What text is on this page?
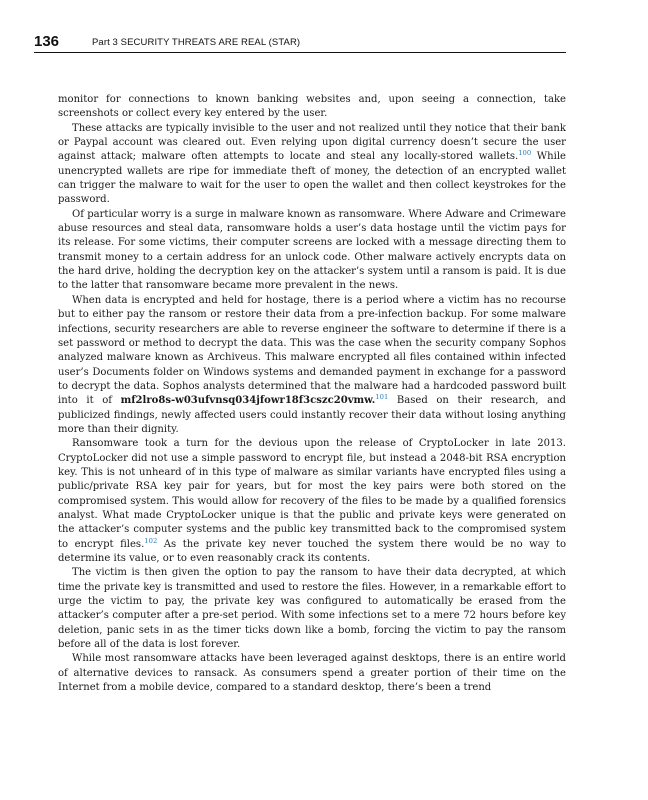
136	Part 3 SECURITY THREATS ARE REAL (STAR)

monitor for connections to known banking websites and, upon seeing a connection, take screenshots or collect every key entered by the user.

These attacks are typically invisible to the user and not realized until they notice that their bank or Paypal account was cleared out. Even relying upon digital currency doesn’t secure the user against attack; malware often attempts to locate and steal any locally-stored wallets.$^{100}$ While unencrypted wallets are ripe for immediate theft of money, the detection of an encrypted wallet can trigger the malware to wait for the user to open the wallet and then collect keystrokes for the password.

Of particular worry is a surge in malware known as ransomware. Where Adware and Crimeware abuse resources and steal data, ransomware holds a user’s data hostage until the victim pays for its release. For some victims, their computer screens are locked with a message directing them to transmit money to a certain address for an unlock code. Other malware actively encrypts data on the hard drive, holding the decryption key on the attacker’s system until a ransom is paid. It is due to the latter that ransomware became more prevalent in the news.

When data is encrypted and held for hostage, there is a period where a victim has no recourse but to either pay the ransom or restore their data from a pre-infection backup. For some malware infections, security researchers are able to reverse engineer the software to determine if there is a set password or method to decrypt the data. This was the case when the security company Sophos analyzed malware known as Archiveus. This malware encrypted all files contained within infected user’s Documents folder on Windows systems and demanded payment in exchange for a password to decrypt the data. Sophos analysts determined that the malware had a hardcoded password built into it of mf2lro8s-w03ufvnsq034jfowr18f3cszc20vmw.$^{101}$ Based on their research, and publicized findings, newly affected users could instantly recover their data without losing anything more than their dignity.

Ransomware took a turn for the devious upon the release of CryptoLocker in late 2013. CryptoLocker did not use a simple password to encrypt file, but instead a 2048-bit RSA encryption key. This is not unheard of in this type of malware as similar variants have encrypted files using a public/private RSA key pair for years, but for most the key pairs were both stored on the compromised system. This would allow for recovery of the files to be made by a qualified forensics analyst. What made CryptoLocker unique is that the public and private keys were generated on the attacker’s computer systems and the public key transmitted back to the compromised system to encrypt files.$^{102}$ As the private key never touched the system there would be no way to determine its value, or to even reasonably crack its contents.

The victim is then given the option to pay the ransom to have their data decrypted, at which time the private key is transmitted and used to restore the files. However, in a remarkable effort to urge the victim to pay, the private key was configured to automatically be erased from the attacker’s computer after a pre-set period. With some infections set to a mere 72 hours before key deletion, panic sets in as the timer ticks down like a bomb, forcing the victim to pay the ransom before all of the data is lost forever.

While most ransomware attacks have been leveraged against desktops, there is an entire world of alternative devices to ransack. As consumers spend a greater portion of their time on the Internet from a mobile device, compared to a standard desktop, there’s been a trend
